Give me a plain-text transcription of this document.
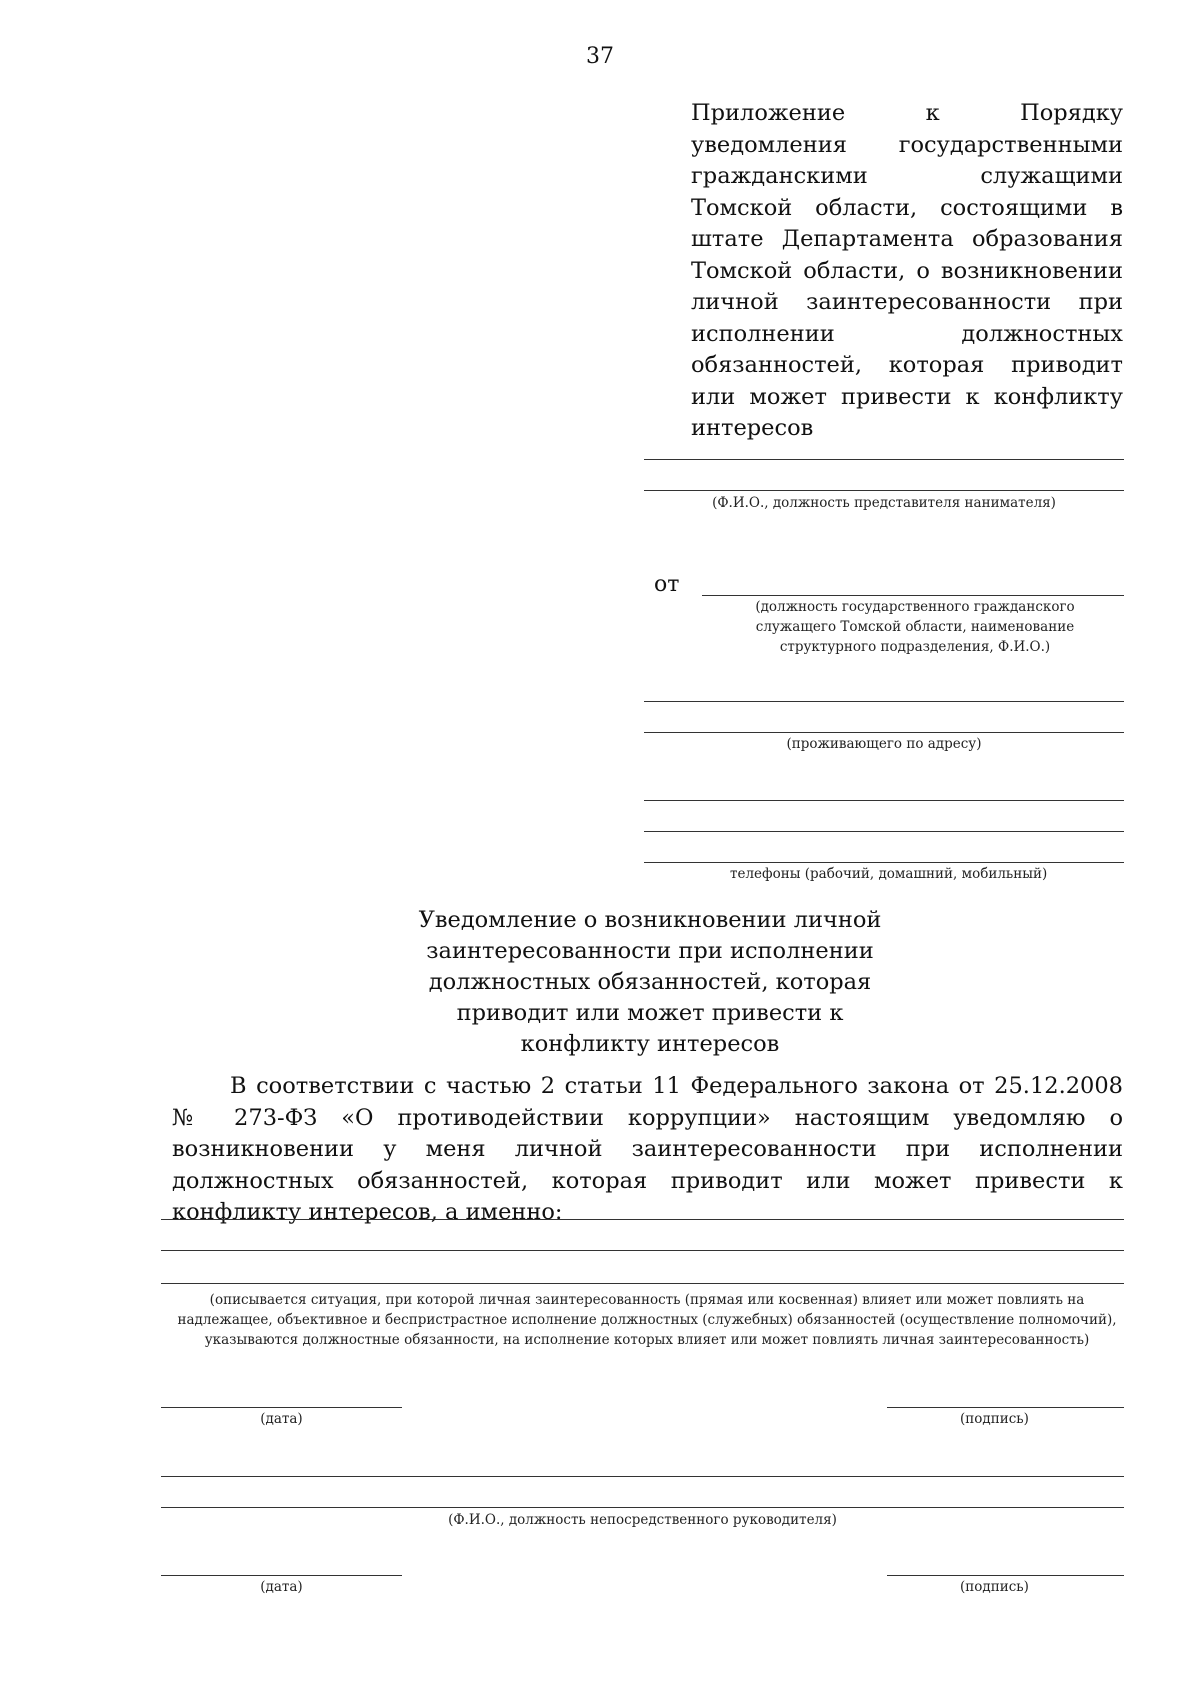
37
Приложение к Порядку уведомления государственными гражданскими служащими Томской области, состоящими в штате Департамента образования Томской области, о возникновении личной заинтересованности при исполнении должностных обязанностей, которая приводит или может привести к конфликту интересов
(Ф.И.О., должность представителя нанимателя)
от
(должность государственного гражданского служащего Томской области, наименование структурного подразделения, Ф.И.О.)
(проживающего по адресу)
телефоны (рабочий, домашний, мобильный)
Уведомление о возникновении личной заинтересованности при исполнении должностных обязанностей, которая приводит или может привести к конфликту интересов
В соответствии с частью 2 статьи 11 Федерального закона от 25.12.2008 № 273-ФЗ «О противодействии коррупции» настоящим уведомляю о возникновении у меня личной заинтересованности при исполнении должностных обязанностей, которая приводит или может привести к конфликту интересов, а именно:
(описывается ситуация, при которой личная заинтересованность (прямая или косвенная) влияет или может повлиять на надлежащее, объективное и беспристрастное исполнение должностных (служебных) обязанностей (осуществление полномочий), указываются должностные обязанности, на исполнение которых влияет или может повлиять личная заинтересованность)
(дата)	(подпись)
(Ф.И.О., должность непосредственного руководителя)
(дата)	(подпись)
